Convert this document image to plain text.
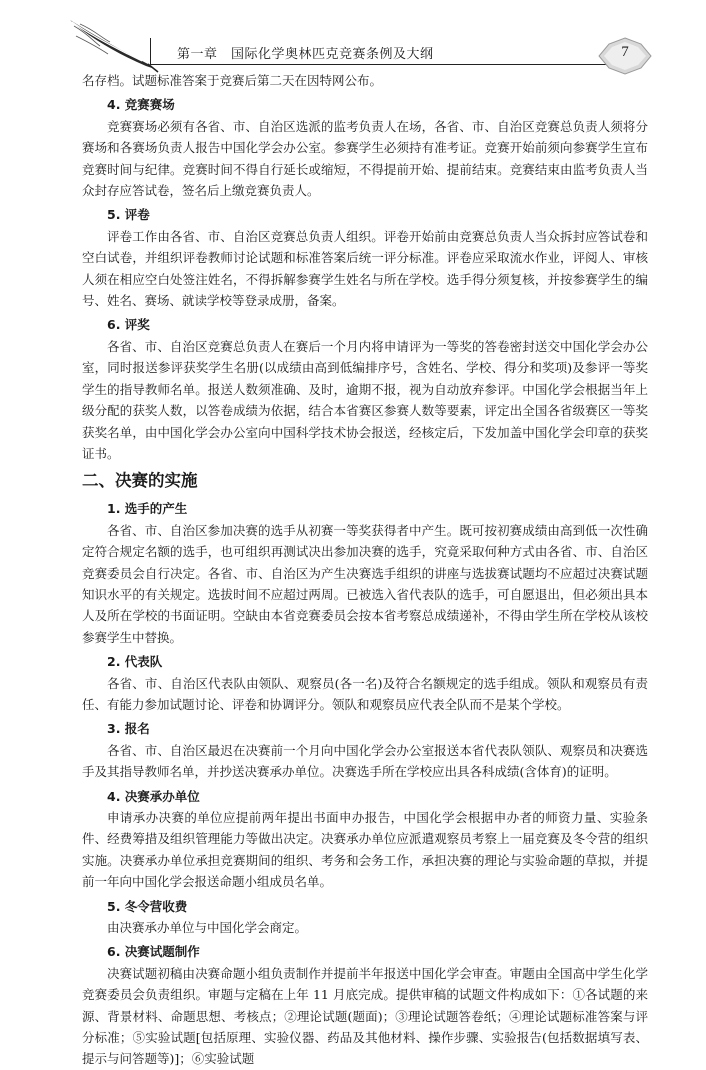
第一章　国际化学奥林匹克竞赛条例及大纲	7

名存档。试题标准答案于竞赛后第二天在因特网公布。

4. 竞赛赛场

竞赛赛场必须有各省、市、自治区选派的监考负责人在场，各省、市、自治区竞赛总负责人须将分赛场和各赛场负责人报告中国化学会办公室。参赛学生必须持有准考证。竞赛开始前须向参赛学生宣布竞赛时间与纪律。竞赛时间不得自行延长或缩短，不得提前开始、提前结束。竞赛结束由监考负责人当众封存应答试卷，签名后上缴竞赛负责人。

5. 评卷

评卷工作由各省、市、自治区竞赛总负责人组织。评卷开始前由竞赛总负责人当众拆封应答试卷和空白试卷，并组织评卷教师讨论试题和标准答案后统一评分标准。评卷应采取流水作业，评阅人、审核人须在相应空白处签注姓名，不得拆解参赛学生姓名与所在学校。选手得分须复核，并按参赛学生的编号、姓名、赛场、就读学校等登录成册，备案。

6. 评奖

各省、市、自治区竞赛总负责人在赛后一个月内将申请评为一等奖的答卷密封送交中国化学会办公室，同时报送参评获奖学生名册(以成绩由高到低编排序号，含姓名、学校、得分和奖项)及参评一等奖学生的指导教师名单。报送人数须准确、及时，逾期不报，视为自动放弃参评。中国化学会根据当年上级分配的获奖人数，以答卷成绩为依据，结合本省赛区参赛人数等要素，评定出全国各省级赛区一等奖获奖名单，由中国化学会办公室向中国科学技术协会报送，经核定后，下发加盖中国化学会印章的获奖证书。

二、决赛的实施
1. 选手的产生

各省、市、自治区参加决赛的选手从初赛一等奖获得者中产生。既可按初赛成绩由高到低一次性确定符合规定名额的选手，也可组织再测试决出参加决赛的选手，究竟采取何种方式由各省、市、自治区竞赛委员会自行决定。各省、市、自治区为产生决赛选手组织的讲座与选拔赛试题均不应超过决赛试题知识水平的有关规定。选拔时间不应超过两周。已被选入省代表队的选手，可自愿退出，但必须出具本人及所在学校的书面证明。空缺由本省竞赛委员会按本省考察总成绩递补，不得由学生所在学校从该校参赛学生中替换。

2. 代表队

各省、市、自治区代表队由领队、观察员(各一名)及符合名额规定的选手组成。领队和观察员有责任、有能力参加试题讨论、评卷和协调评分。领队和观察员应代表全队而不是某个学校。

3. 报名

各省、市、自治区最迟在决赛前一个月向中国化学会办公室报送本省代表队领队、观察员和决赛选手及其指导教师名单，并抄送决赛承办单位。决赛选手所在学校应出具各科成绩(含体育)的证明。

4. 决赛承办单位

申请承办决赛的单位应提前两年提出书面申办报告，中国化学会根据申办者的师资力量、实验条件、经费筹措及组织管理能力等做出决定。决赛承办单位应派遣观察员考察上一届竞赛及冬令营的组织实施。决赛承办单位承担竞赛期间的组织、考务和会务工作，承担决赛的理论与实验命题的草拟，并提前一年向中国化学会报送命题小组成员名单。

5. 冬令营收费

由决赛承办单位与中国化学会商定。

6. 决赛试题制作

决赛试题初稿由决赛命题小组负责制作并提前半年报送中国化学会审查。审题由全国高中学生化学竞赛委员会负责组织。审题与定稿在上年 11 月底完成。提供审稿的试题文件构成如下：①各试题的来源、背景材料、命题思想、考核点；②理论试题(题面)；③理论试题答卷纸；④理论试题标准答案与评分标准；⑤实验试题[包括原理、实验仪器、药品及其他材料、操作步骤、实验报告(包括数据填写表、提示与问答题等)]；⑥实验试题
